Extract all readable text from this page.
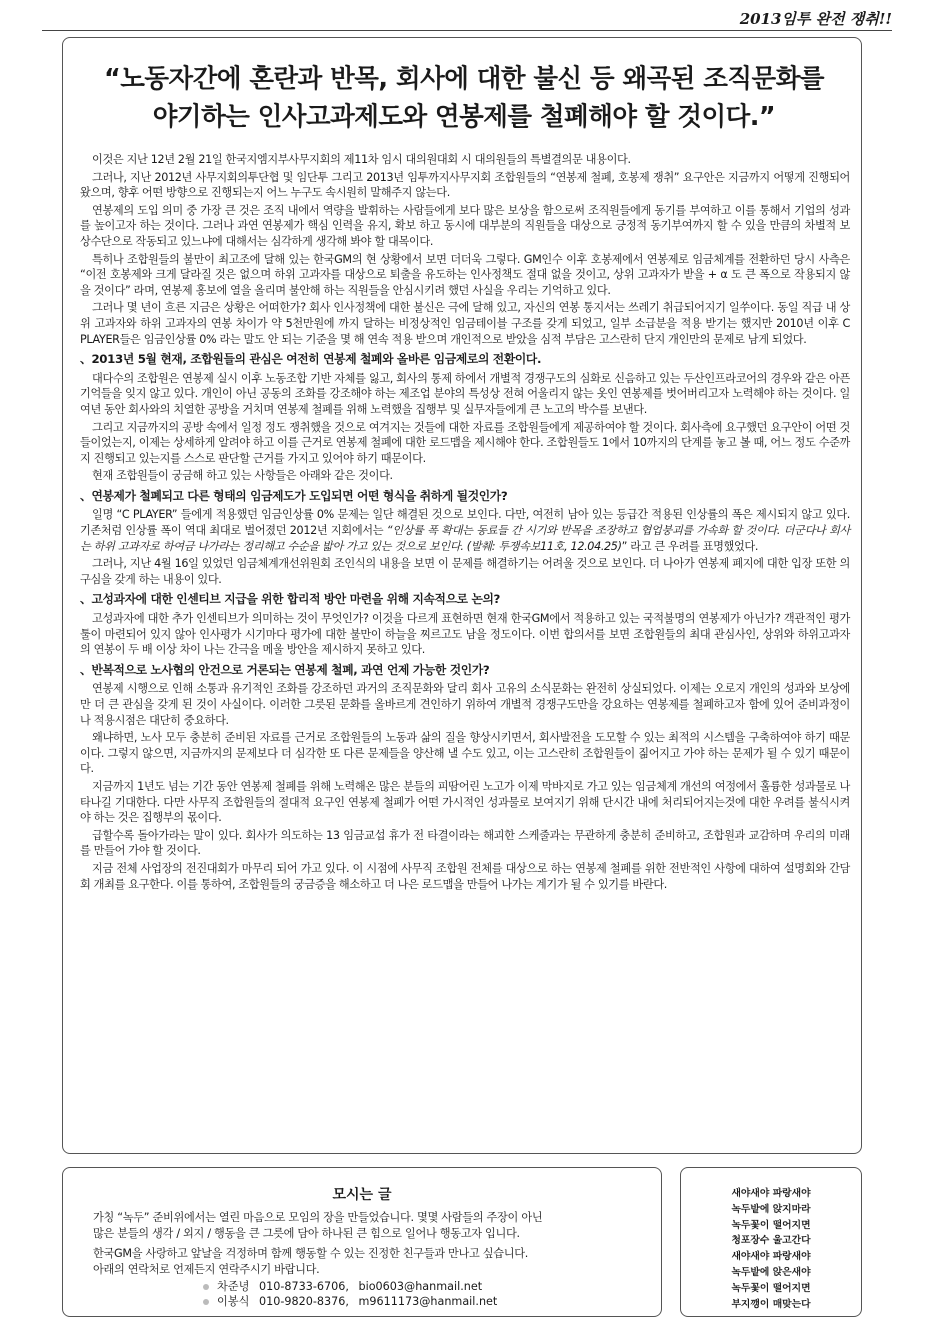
2013임투 완전 쟁취!!
“노동자간에 혼란과 반목, 회사에 대한 불신 등 왜곡된 조직문화를
야기하는 인사고과제도와 연봉제를 철폐해야 할 것이다.”

이것은 지난 12년 2월 21일 한국지엠지부사무지회의 제11차 임시 대의원대회 시 대의원들의 특별결의문 내용이다.

그러나, 지난 2012년 사무지회의투단협 및 임단투 그리고 2013년 임투까지사무지회 조합원들의 “연봉제 철폐, 호봉제 쟁취” 요구안은 지금까지 어떻게 진행되어 왔으며, 향후 어떤 방향으로 진행되는지 어느 누구도 속시원히 말해주지 않는다.

연봉제의 도입 의미 중 가장 큰 것은 조직 내에서 역량을 발휘하는 사람들에게 보다 많은 보상을 함으로써 조직원들에게 동기를 부여하고 이를 통해서 기업의 성과를 높이고자 하는 것이다. 그러나 과연 연봉제가 핵심 인력을 유지, 확보 하고 동시에 대부분의 직원들을 대상으로 긍정적 동기부여까지 할 수 있을 만큼의 차별적 보상수단으로 작동되고 있느냐에 대해서는 심각하게 생각해 봐야 할 대목이다.

특히나 조합원들의 불만이 최고조에 달해 있는 한국GM의 현 상황에서 보면 더더욱 그렇다. GM인수 이후 호봉제에서 연봉제로 임금체계를 전환하던 당시 사측은 “이전 호봉제와 크게 달라질 것은 없으며 하위 고과자를 대상으로 퇴출을 유도하는 인사정책도 절대 없을 것이고, 상위 고과자가 받을 + α 도 큰 폭으로 작용되지 않을 것이다” 라며, 연봉제 홍보에 열을 올리며 불안해 하는 직원들을 안심시키려 했던 사실을 우리는 기억하고 있다.

그러나 몇 년이 흐른 지금은 상황은 어떠한가? 회사 인사정책에 대한 불신은 극에 달해 있고, 자신의 연봉 통지서는 쓰레기 취급되어지기 일쑤이다. 동일 직급 내 상위 고과자와 하위 고과자의 연봉 차이가 약 5천만원에 까지 달하는 비정상적인 임금테이블 구조를 갖게 되었고, 일부 소급분을 적용 받기는 했지만 2010년 이후 C PLAYER들은 임금인상률 0% 라는 말도 안 되는 기준을 몇 해 연속 적용 받으며 개인적으로 받았을 심적 부담은 고스란히 단지 개인만의 문제로 남게 되었다.

、 2013년 5월 현재, 조합원들의 관심은 여전히 연봉제 철폐와 올바른 임금제로의 전환이다.

대다수의 조합원은 연봉제 실시 이후 노동조합 기반 자체를 잃고, 회사의 통제 하에서 개별적 경쟁구도의 심화로 신음하고 있는 두산인프라코어의 경우와 같은 아픈 기억들을 잊지 않고 있다. 개인이 아닌 공동의 조화를 강조해야 하는 제조업 분야의 특성상 전혀 어울리지 않는 옷인 연봉제를 벗어버리고자 노력해야 하는 것이다. 일여년 동안 회사와의 치열한 공방을 거치며 연봉제 철폐를 위해 노력했을 집행부 및 실무자들에게 큰 노고의 박수를 보낸다.

그리고 지금까지의 공방 속에서 일정 정도 쟁취했을 것으로 여겨지는 것들에 대한 자료를 조합원들에게 제공하여야 할 것이다. 회사측에 요구했던 요구안이 어떤 것들이었는지, 이제는 상세하게 알려야 하고 이를 근거로 연봉제 철폐에 대한 로드맵을 제시해야 한다. 조합원들도 1에서 10까지의 단계를 놓고 볼 때, 어느 정도 수준까지 진행되고 있는지를 스스로 판단할 근거를 가지고 있어야 하기 때문이다.

현재 조합원들이 궁금해 하고 있는 사항들은 아래와 같은 것이다.

、 연봉제가 철폐되고 다른 형태의 임금제도가 도입되면 어떤 형식을 취하게 될것인가?

일명 “C PLAYER” 들에게 적용했던 임금인상률 0% 문제는 일단 해결된 것으로 보인다. 다만, 여전히 남아 있는 등급간 적용된 인상률의 폭은 제시되지 않고 있다. 기존처럼 인상률 폭이 역대 최대로 벌어졌던 2012년 지회에서는 “인상률 폭 확대는 동료들 간 시기와 반목을 조장하고 협업붕괴를 가속화 할 것이다. 더군다나 회사는 하위 고과자로 하여금 나가라는 정리해고 수순을 밟아 가고 있는 것으로 보인다. (발췌: 투쟁속보11호, 12.04.25)” 라고 큰 우려를 표명했었다.

그러나, 지난 4월 16일 있었던 임금체계개선위원회 조인식의 내용을 보면 이 문제를 해결하기는 어려울 것으로 보인다. 더 나아가 연봉제 폐지에 대한 입장 또한 의구심을 갖게 하는 내용이 있다.

、 고성과자에 대한 인센티브 지급을 위한 합리적 방안 마련을 위해 지속적으로 논의?

고성과자에 대한 추가 인센티브가 의미하는 것이 무엇인가? 이것을 다르게 표현하면 현재 한국GM에서 적용하고 있는 국적불명의 연봉제가 아닌가? 객관적인 평가 툴이 마련되어 있지 않아 인사평가 시기마다 평가에 대한 불만이 하늘을 찌르고도 남을 정도이다. 이번 합의서를 보면 조합원들의 최대 관심사인, 상위와 하위고과자의 연봉이 두 배 이상 차이 나는 간극을 메울 방안을 제시하지 못하고 있다.

、 반복적으로 노사협의 안건으로 거론되는 연봉제 철폐, 과연 언제 가능한 것인가?

연봉제 시행으로 인해 소통과 유기적인 조화를 강조하던 과거의 조직문화와 달리 회사 고유의 소식문화는 완전히 상실되었다. 이제는 오로지 개인의 성과와 보상에만 더 큰 관심을 갖게 된 것이 사실이다. 이러한 그릇된 문화를 올바르게 견인하기 위하여 개별적 경쟁구도만을 강요하는 연봉제를 철폐하고자 함에 있어 준비과정이나 적용시점은 대단히 중요하다.

왜냐하면, 노사 모두 충분히 준비된 자료를 근거로 조합원들의 노동과 삶의 질을 향상시키면서, 회사발전을 도모할 수 있는 최적의 시스템을 구축하여야 하기 때문이다. 그렇지 않으면, 지금까지의 문제보다 더 심각한 또 다른 문제들을 양산해 낼 수도 있고, 이는 고스란히 조합원들이 짊어지고 가야 하는 문제가 될 수 있기 때문이다.

지금까지 1년도 넘는 기간 동안 연봉제 철폐를 위해 노력해온 많은 분들의 피땀어린 노고가 이제 막바지로 가고 있는 임금체계 개선의 여정에서 훌륭한 성과물로 나타나길 기대한다. 다만 사무직 조합원들의 절대적 요구인 연봉제 철폐가 어떤 가시적인 성과물로 보여지기 위해 단시간 내에 처리되어지는것에 대한 우려를 불식시켜야 하는 것은 집행부의 몫이다.

급할수록 돌아가라는 말이 있다. 회사가 의도하는 13 임금교섭 휴가 전 타결이라는 해괴한 스케줄과는 무관하게 충분히 준비하고, 조합원과 교감하며 우리의 미래를 만들어 가야 할 것이다.

지금 전체 사업장의 전진대회가 마무리 되어 가고 있다. 이 시점에 사무직 조합원 전체를 대상으로 하는 연봉제 철폐를 위한 전반적인 사항에 대하여 설명회와 간담회 개최를 요구한다. 이를 통하여, 조합원들의 궁금증을 해소하고 더 나은 로드맵을 만들어 나가는 계기가 될 수 있기를 바란다.

모시는 글
가칭 “녹두” 준비위에서는 열린 마음으로 모임의 장을 만들었습니다. 몇몇 사람들의 주장이 아닌
많은 분들의 생각 / 외지 / 행동을 큰 그릇에 담아 하나된 큰 힘으로 일어나 행동고자 입니다.
한국GM을 사랑하고 앞날을 걱정하며 함께 행동할 수 있는 진정한 친구들과 만나고 싶습니다.
아래의 연락처로 언제든지 연락주시기 바랍니다.
차준녕 010-8733-6706, bio0603@hanmail.net
이봉식 010-9820-8376, m9611173@hanmail.net
새야새야 파랑새야
녹두밭에 앉지마라
녹두꽃이 떨어지면
청포장수 울고간다
새야새야 파랑새야
녹두밭에 앉은새야
녹두꽃이 떨어지면
부지깽이 매맞는다
